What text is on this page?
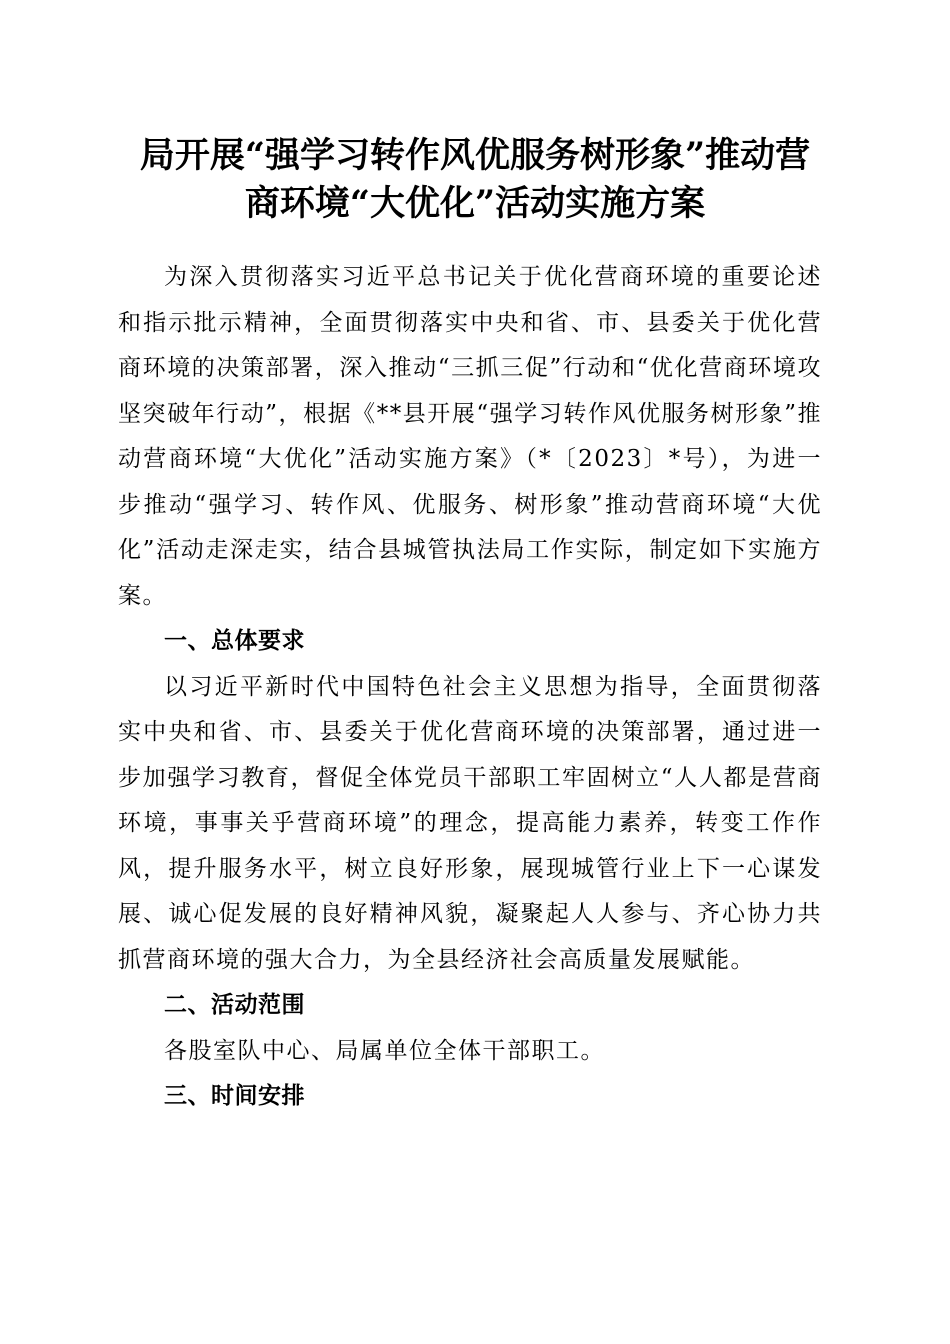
局开展“强学习转作风优服务树形象”推动营
商环境“大优化”活动实施方案

为深入贯彻落实习近平总书记关于优化营商环境的重要论述和指示批示精神，全面贯彻落实中央和省、市、县委关于优化营商环境的决策部署，深入推动“三抓三促”行动和“优化营商环境攻坚突破年行动”，根据《**县开展“强学习转作风优服务树形象”推动营商环境“大优化”活动实施方案》（*〔2023〕*号），为进一步推动“强学习、转作风、优服务、树形象”推动营商环境“大优化”活动走深走实，结合县城管执法局工作实际，制定如下实施方案。

一、总体要求

以习近平新时代中国特色社会主义思想为指导，全面贯彻落实中央和省、市、县委关于优化营商环境的决策部署，通过进一步加强学习教育，督促全体党员干部职工牢固树立“人人都是营商环境，事事关乎营商环境”的理念，提高能力素养，转变工作作风，提升服务水平，树立良好形象，展现城管行业上下一心谋发展、诚心促发展的良好精神风貌，凝聚起人人参与、齐心协力共抓营商环境的强大合力，为全县经济社会高质量发展赋能。

二、活动范围

各股室队中心、局属单位全体干部职工。

三、时间安排
